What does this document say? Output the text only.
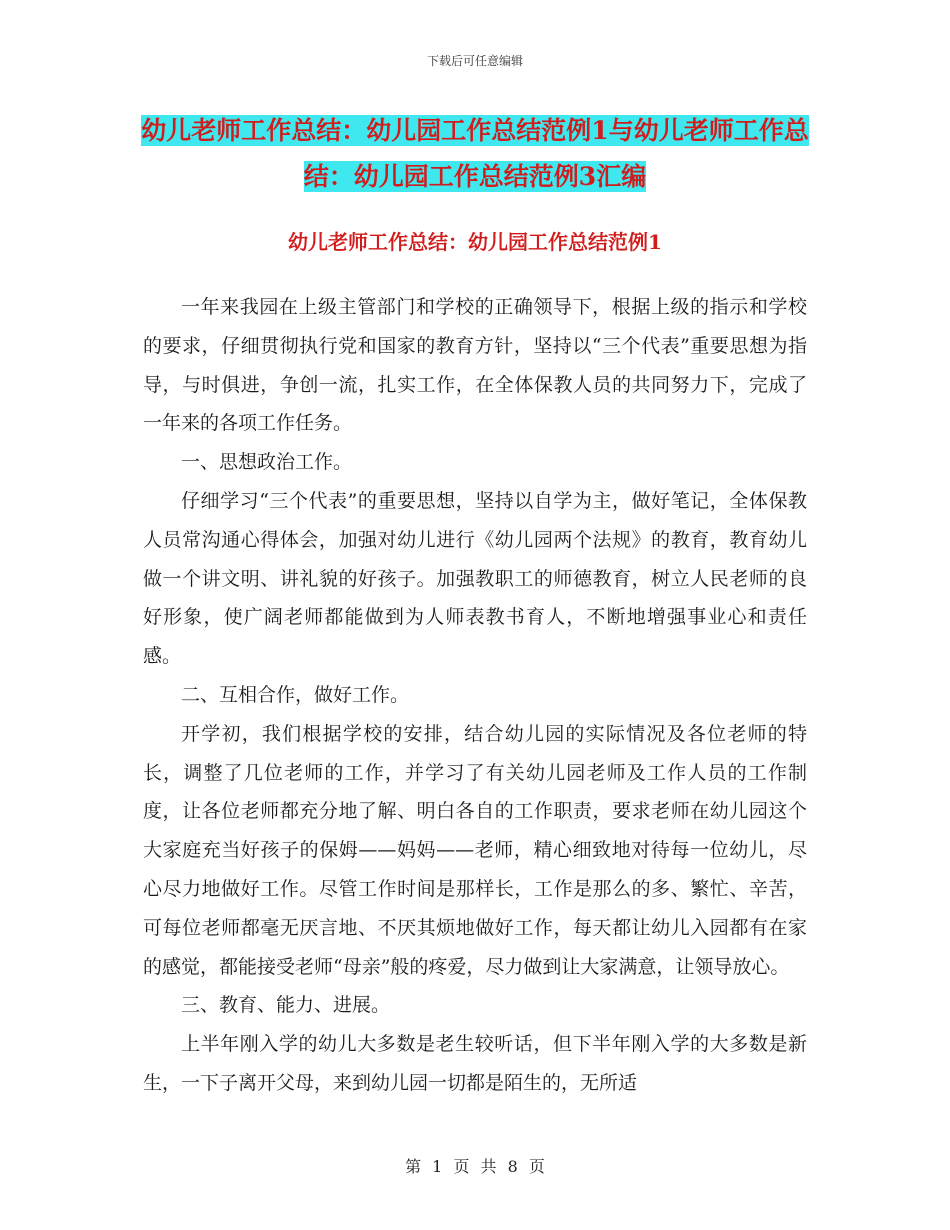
下载后可任意编辑
幼儿老师工作总结：幼儿园工作总结范例1与幼儿老师工作总结：幼儿园工作总结范例3汇编
幼儿老师工作总结：幼儿园工作总结范例1

一年来我园在上级主管部门和学校的正确领导下，根据上级的指示和学校的要求，仔细贯彻执行党和国家的教育方针，坚持以“三个代表”重要思想为指导，与时俱进，争创一流，扎实工作，在全体保教人员的共同努力下，完成了一年来的各项工作任务。

一、思想政治工作。

仔细学习“三个代表”的重要思想，坚持以自学为主，做好笔记，全体保教人员常沟通心得体会，加强对幼儿进行《幼儿园两个法规》的教育，教育幼儿做一个讲文明、讲礼貌的好孩子。加强教职工的师德教育，树立人民老师的良好形象，使广阔老师都能做到为人师表教书育人，不断地增强事业心和责任感。

二、互相合作，做好工作。

开学初，我们根据学校的安排，结合幼儿园的实际情况及各位老师的特长，调整了几位老师的工作，并学习了有关幼儿园老师及工作人员的工作制度，让各位老师都充分地了解、明白各自的工作职责，要求老师在幼儿园这个大家庭充当好孩子的保姆——妈妈——老师，精心细致地对待每一位幼儿，尽心尽力地做好工作。尽管工作时间是那样长，工作是那么的多、繁忙、辛苦，可每位老师都毫无厌言地、不厌其烦地做好工作，每天都让幼儿入园都有在家的感觉，都能接受老师“母亲”般的疼爱，尽力做到让大家满意，让领导放心。

三、教育、能力、进展。

上半年刚入学的幼儿大多数是老生较听话，但下半年刚入学的大多数是新生，一下子离开父母，来到幼儿园一切都是陌生的，无所适

第 1 页 共 8 页
